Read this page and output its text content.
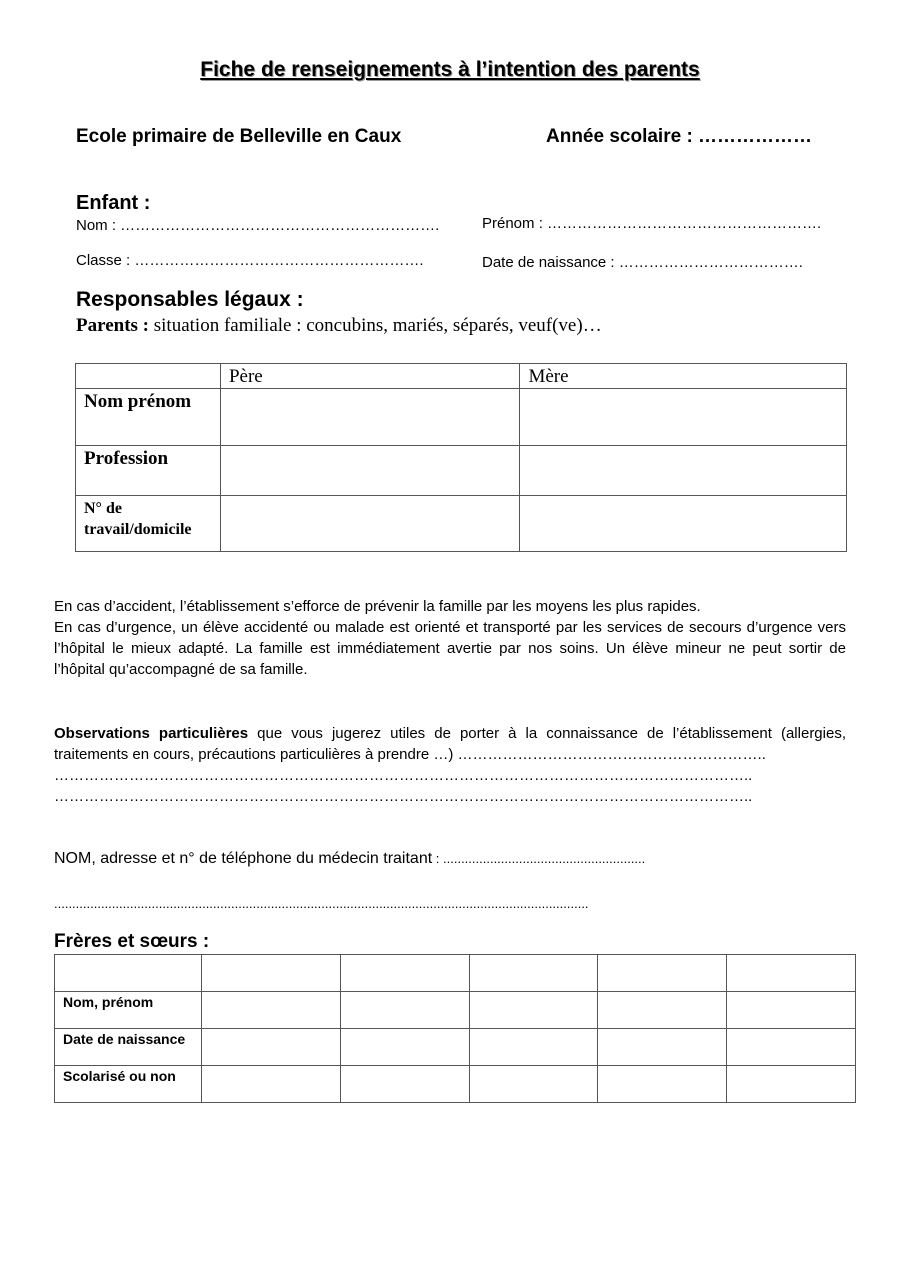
Fiche de renseignements à l’intention des parents
Ecole primaire de Belleville en Caux	Année scolaire : ………………
Enfant :
Nom : ……………………………………………………….	Prénom : ……………………………………………….
Classe : ………………………………………………….	Date de naissance : ……………………………….
Responsables légaux :
Parents : situation familiale : concubins, mariés, séparés, veuf(ve)…
	Père	Mère
Nom prénom		
Profession		
N° de travail/domicile		
En cas d’accident, l’établissement s’efforce de prévenir la famille par les moyens les plus rapides.
En cas d’urgence, un élève accidenté ou malade est orienté et transporté par les services de secours d’urgence vers l’hôpital le mieux adapté. La famille est immédiatement avertie par nos soins. Un élève mineur ne peut sortir de l’hôpital qu’accompagné de sa famille.
Observations particulières que vous jugerez utiles de porter à la connaissance de l’établissement (allergies, traitements en cours, précautions particulières à prendre …) ……………………………………………………..
…………………………………………………………………………………………………………………………..
…………………………………………………………………………………………………………………………..
NOM, adresse et n° de téléphone du médecin traitant : ........................................................
....................................................................................................................................................
Frères et sœurs :

Nom, prénom					
Date de naissance					
Scolarisé ou non					
